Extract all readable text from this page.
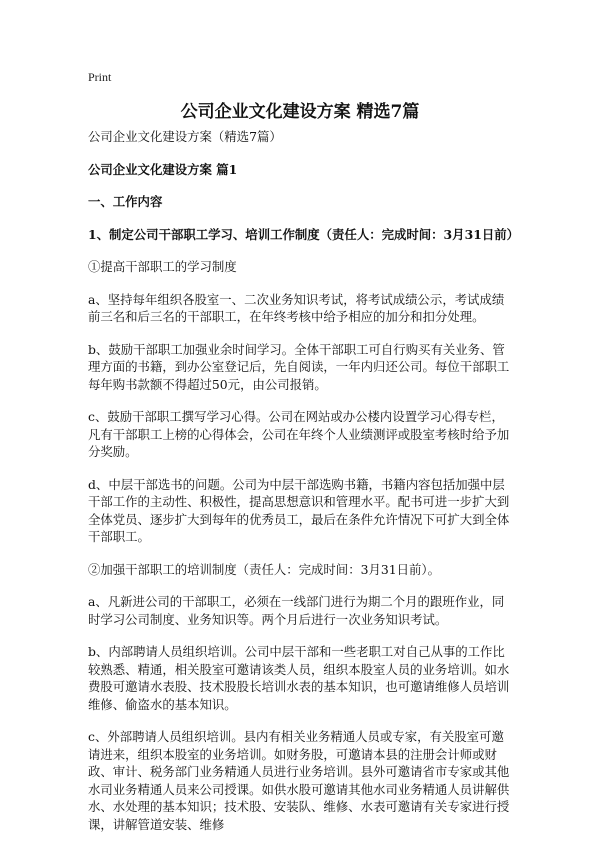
Print
公司企业文化建设方案 精选7篇

公司企业文化建设方案（精选7篇）

公司企业文化建设方案 篇1

一、工作内容

1、制定公司干部职工学习、培训工作制度（责任人：完成时间：3月31日前）

①提高干部职工的学习制度

a、坚持每年组织各股室一、二次业务知识考试，将考试成绩公示，考试成绩前三名和后三名的干部职工，在年终考核中给予相应的加分和扣分处理。

b、鼓励干部职工加强业余时间学习。全体干部职工可自行购买有关业务、管理方面的书籍，到办公室登记后，先自阅读，一年内归还公司。每位干部职工每年购书款额不得超过50元，由公司报销。

c、鼓励干部职工撰写学习心得。公司在网站或办公楼内设置学习心得专栏，凡有干部职工上榜的心得体会，公司在年终个人业绩测评或股室考核时给予加分奖励。

d、中层干部选书的问题。公司为中层干部选购书籍，书籍内容包括加强中层干部工作的主动性、积极性，提高思想意识和管理水平。配书可进一步扩大到全体党员、逐步扩大到每年的优秀员工，最后在条件允许情况下可扩大到全体干部职工。

②加强干部职工的培训制度（责任人：完成时间：3月31日前）。

a、凡新进公司的干部职工，必须在一线部门进行为期二个月的跟班作业，同时学习公司制度、业务知识等。两个月后进行一次业务知识考试。

b、内部聘请人员组织培训。公司中层干部和一些老职工对自己从事的工作比较熟悉、精通，相关股室可邀请该类人员，组织本股室人员的业务培训。如水费股可邀请水表股、技术股股长培训水表的基本知识，也可邀请维修人员培训维修、偷盗水的基本知识。

c、外部聘请人员组织培训。县内有相关业务精通人员或专家，有关股室可邀请进来，组织本股室的业务培训。如财务股，可邀请本县的注册会计师或财政、审计、税务部门业务精通人员进行业务培训。县外可邀请省市专家或其他水司业务精通人员来公司授课。如供水股可邀请其他水司业务精通人员讲解供水、水处理的基本知识；技术股、安装队、维修、水表可邀请有关专家进行授课，讲解管道安装、维修
